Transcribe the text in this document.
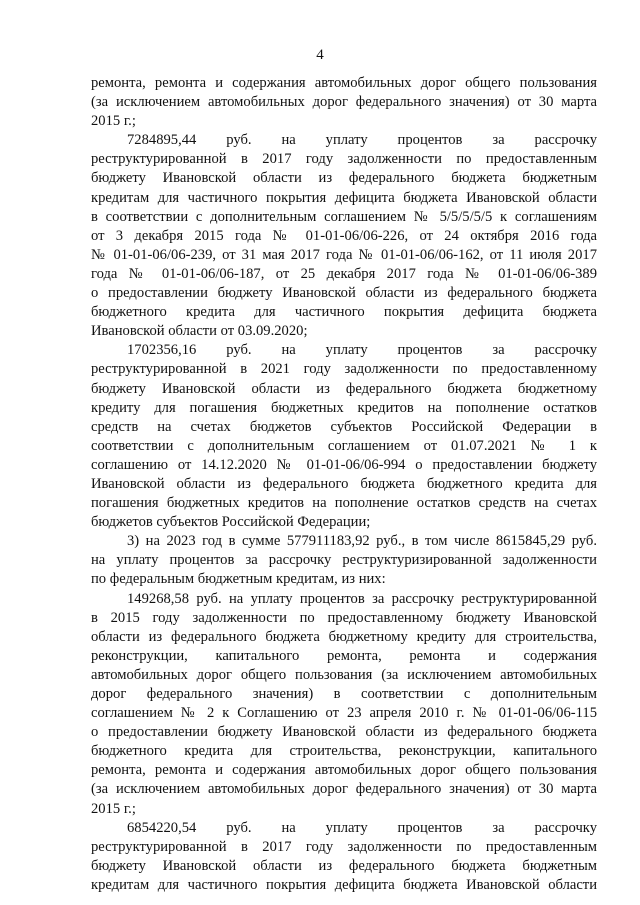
4
ремонта, ремонта и содержания автомобильных дорог общего пользования
(за исключением автомобильных дорог федерального значения) от 30 марта
2015 г.;
7284895,44 руб. на уплату процентов за рассрочку
реструктурированной в 2017 году задолженности по предоставленным
бюджету Ивановской области из федерального бюджета бюджетным
кредитам для частичного покрытия дефицита бюджета Ивановской области
в соответствии с дополнительным соглашением № 5/5/5/5/5 к соглашениям
от 3 декабря 2015 года № 01-01-06/06-226, от 24 октября 2016 года
№ 01-01-06/06-239, от 31 мая 2017 года № 01-01-06/06-162, от 11 июля 2017
года № 01-01-06/06-187, от 25 декабря 2017 года № 01-01-06/06-389
о предоставлении бюджету Ивановской области из федерального бюджета
бюджетного кредита для частичного покрытия дефицита бюджета
Ивановской области от 03.09.2020;
1702356,16 руб. на уплату процентов за рассрочку
реструктурированной в 2021 году задолженности по предоставленному
бюджету Ивановской области из федерального бюджета бюджетному
кредиту для погашения бюджетных кредитов на пополнение остатков
средств на счетах бюджетов субъектов Российской Федерации в
соответствии с дополнительным соглашением от 01.07.2021 № 1 к
соглашению от 14.12.2020 № 01-01-06/06-994 о предоставлении бюджету
Ивановской области из федерального бюджета бюджетного кредита для
погашения бюджетных кредитов на пополнение остатков средств на счетах
бюджетов субъектов Российской Федерации;
3) на 2023 год в сумме 577911183,92 руб., в том числе 8615845,29 руб.
на уплату процентов за рассрочку реструктуризированной задолженности
по федеральным бюджетным кредитам, из них:
149268,58 руб. на уплату процентов за рассрочку реструктурированной
в 2015 году задолженности по предоставленному бюджету Ивановской
области из федерального бюджета бюджетному кредиту для строительства,
реконструкции, капитального ремонта, ремонта и содержания
автомобильных дорог общего пользования (за исключением автомобильных
дорог федерального значения) в соответствии с дополнительным
соглашением № 2 к Соглашению от 23 апреля 2010 г. № 01-01-06/06-115
о предоставлении бюджету Ивановской области из федерального бюджета
бюджетного кредита для строительства, реконструкции, капитального
ремонта, ремонта и содержания автомобильных дорог общего пользования
(за исключением автомобильных дорог федерального значения) от 30 марта
2015 г.;
6854220,54 руб. на уплату процентов за рассрочку
реструктурированной в 2017 году задолженности по предоставленным
бюджету Ивановской области из федерального бюджета бюджетным
кредитам для частичного покрытия дефицита бюджета Ивановской области
